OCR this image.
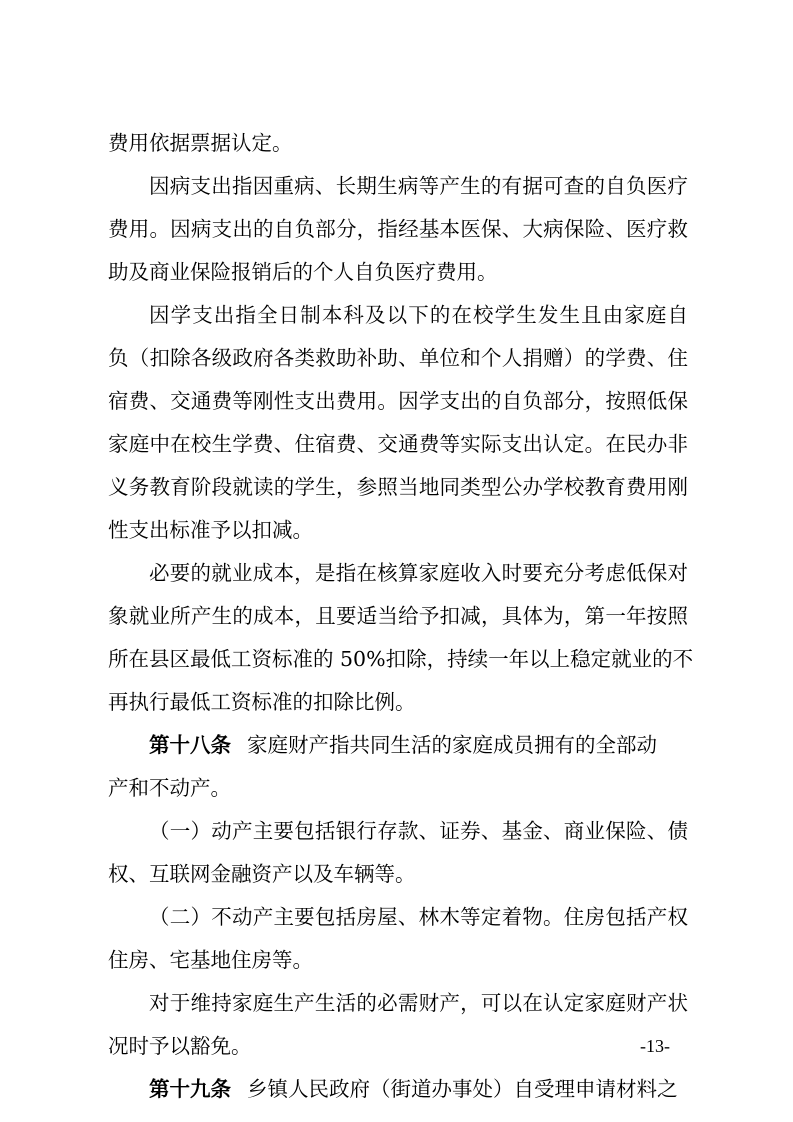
费用依据票据认定。
因病支出指因重病、长期生病等产生的有据可查的自负医疗
费用。因病支出的自负部分，指经基本医保、大病保险、医疗救
助及商业保险报销后的个人自负医疗费用。
因学支出指全日制本科及以下的在校学生发生且由家庭自
负（扣除各级政府各类救助补助、单位和个人捐赠）的学费、住
宿费、交通费等刚性支出费用。因学支出的自负部分，按照低保
家庭中在校生学费、住宿费、交通费等实际支出认定。在民办非
义务教育阶段就读的学生，参照当地同类型公办学校教育费用刚
性支出标准予以扣减。
必要的就业成本，是指在核算家庭收入时要充分考虑低保对
象就业所产生的成本，且要适当给予扣减，具体为，第一年按照
所在县区最低工资标准的 50%扣除，持续一年以上稳定就业的不
再执行最低工资标准的扣除比例。
第十八条 家庭财产指共同生活的家庭成员拥有的全部动
产和不动产。
（一）动产主要包括银行存款、证券、基金、商业保险、债
权、互联网金融资产以及车辆等。
（二）不动产主要包括房屋、林木等定着物。住房包括产权
住房、宅基地住房等。
对于维持家庭生产生活的必需财产，可以在认定家庭财产状
况时予以豁免。
第十九条 乡镇人民政府（街道办事处）自受理申请材料之
-13-
